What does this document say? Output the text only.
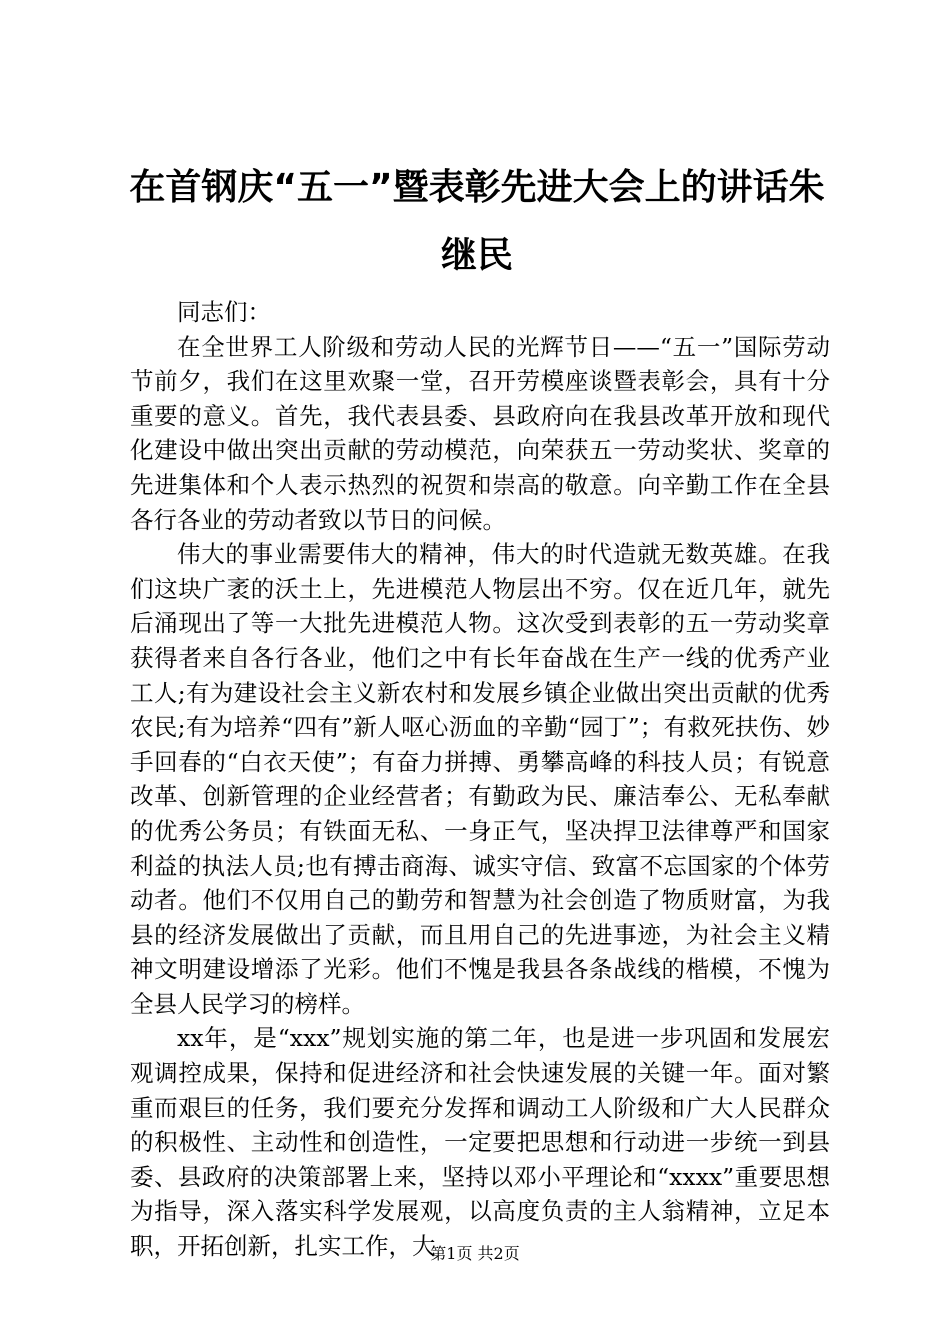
在首钢庆“五一”暨表彰先进大会上的讲话朱继民

同志们：

在全世界工人阶级和劳动人民的光辉节日——“五一”国际劳动节前夕，我们在这里欢聚一堂，召开劳模座谈暨表彰会，具有十分重要的意义。首先，我代表县委、县政府向在我县改革开放和现代化建设中做出突出贡献的劳动模范，向荣获五一劳动奖状、奖章的先进集体和个人表示热烈的祝贺和崇高的敬意。向辛勤工作在全县各行各业的劳动者致以节日的问候。

伟大的事业需要伟大的精神，伟大的时代造就无数英雄。在我们这块广袤的沃土上，先进模范人物层出不穷。仅在近几年，就先后涌现出了等一大批先进模范人物。这次受到表彰的五一劳动奖章获得者来自各行各业，他们之中有长年奋战在生产一线的优秀产业工人;有为建设社会主义新农村和发展乡镇企业做出突出贡献的优秀农民;有为培养“四有”新人呕心沥血的辛勤“园丁”；有救死扶伤、妙手回春的“白衣天使”；有奋力拼搏、勇攀高峰的科技人员；有锐意改革、创新管理的企业经营者；有勤政为民、廉洁奉公、无私奉献的优秀公务员；有铁面无私、一身正气，坚决捍卫法律尊严和国家利益的执法人员;也有搏击商海、诚实守信、致富不忘国家的个体劳动者。他们不仅用自己的勤劳和智慧为社会创造了物质财富，为我县的经济发展做出了贡献，而且用自己的先进事迹，为社会主义精神文明建设增添了光彩。他们不愧是我县各条战线的楷模，不愧为全县人民学习的榜样。

xx年，是“xxx”规划实施的第二年，也是进一步巩固和发展宏观调控成果，保持和促进经济和社会快速发展的关键一年。面对繁重而艰巨的任务，我们要充分发挥和调动工人阶级和广大人民群众的积极性、主动性和创造性，一定要把思想和行动进一步统一到县委、县政府的决策部署上来，坚持以邓小平理论和“xxxx”重要思想为指导，深入落实科学发展观，以高度负责的主人翁精神，立足本职，开拓创新，扎实工作，大

第1页 共2页
